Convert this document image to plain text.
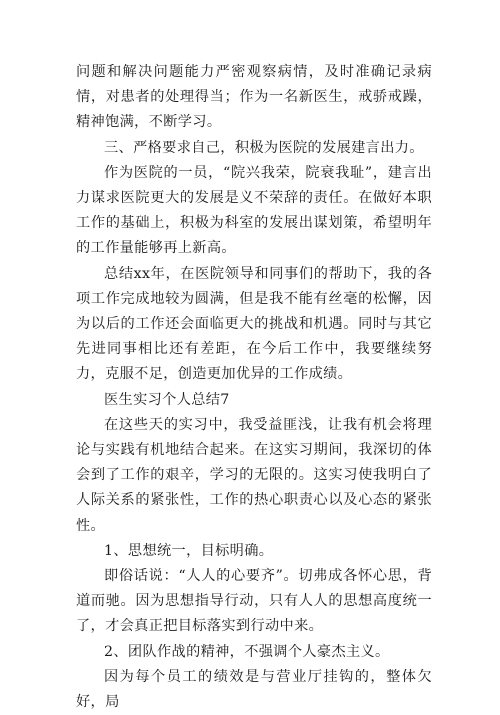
问题和解决问题能力严密观察病情，及时准确记录病情，对患者的处理得当；作为一名新医生，戒骄戒躁，精神饱满，不断学习。

三、严格要求自己，积极为医院的发展建言出力。

作为医院的一员，“院兴我荣，院衰我耻”，建言出力谋求医院更大的发展是义不荣辞的责任。在做好本职工作的基础上，积极为科室的发展出谋划策，希望明年的工作量能够再上新高。

总结xx年，在医院领导和同事们的帮助下，我的各项工作完成地较为圆满，但是我不能有丝毫的松懈，因为以后的工作还会面临更大的挑战和机遇。同时与其它先进同事相比还有差距，在今后工作中，我要继续努力，克服不足，创造更加优异的工作成绩。

医生实习个人总结7

在这些天的实习中，我受益匪浅，让我有机会将理论与实践有机地结合起来。在这实习期间，我深切的体会到了工作的艰辛，学习的无限的。这实习使我明白了人际关系的紧张性，工作的热心职责心以及心态的紧张性。

1、思想统一，目标明确。

即俗话说：“人人的心要齐”。切弗成各怀心思，背道而驰。因为思想指导行动，只有人人的思想高度统一了，才会真正把目标落实到行动中来。

2、团队作战的精神，不强调个人豪杰主义。

因为每个员工的绩效是与营业厅挂钩的，整体欠好，局
